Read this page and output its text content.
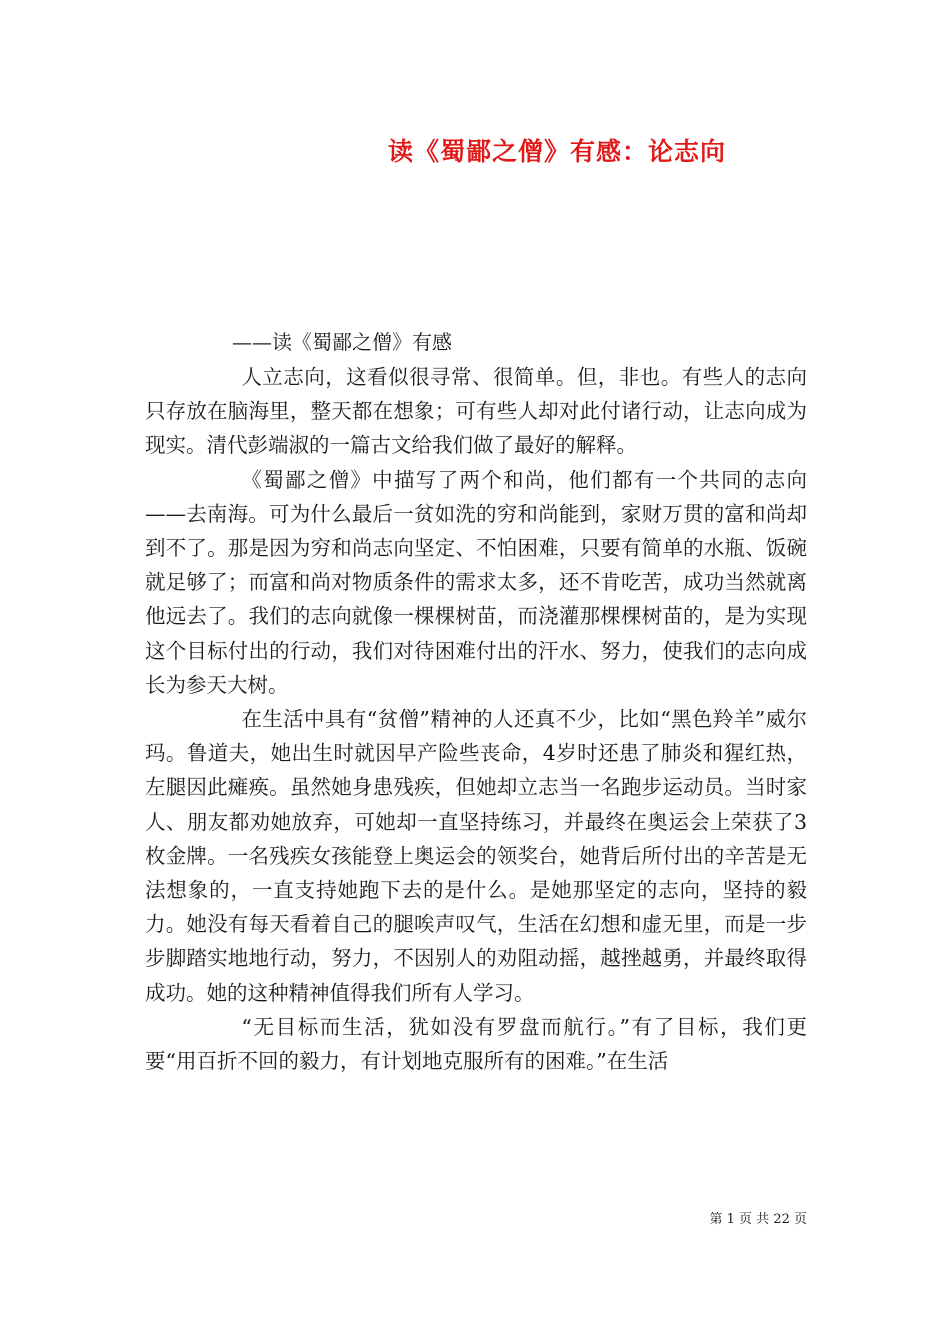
读《蜀鄙之僧》有感：论志向
——读《蜀鄙之僧》有感

人立志向，这看似很寻常、很简单。但，非也。有些人的志向只存放在脑海里，整天都在想象；可有些人却对此付诸行动，让志向成为现实。清代彭端淑的一篇古文给我们做了最好的解释。

《蜀鄙之僧》中描写了两个和尚，他们都有一个共同的志向——去南海。可为什么最后一贫如洗的穷和尚能到，家财万贯的富和尚却到不了。那是因为穷和尚志向坚定、不怕困难，只要有简单的水瓶、饭碗就足够了；而富和尚对物质条件的需求太多，还不肯吃苦，成功当然就离他远去了。我们的志向就像一棵棵树苗，而浇灌那棵棵树苗的，是为实现这个目标付出的行动，我们对待困难付出的汗水、努力，使我们的志向成长为参天大树。

在生活中具有“贫僧”精神的人还真不少，比如“黑色羚羊”威尔玛。鲁道夫，她出生时就因早产险些丧命，4岁时还患了肺炎和猩红热，左腿因此瘫痪。虽然她身患残疾，但她却立志当一名跑步运动员。当时家人、朋友都劝她放弃，可她却一直坚持练习，并最终在奥运会上荣获了3枚金牌。一名残疾女孩能登上奥运会的领奖台，她背后所付出的辛苦是无法想象的，一直支持她跑下去的是什么。是她那坚定的志向，坚持的毅力。她没有每天看着自己的腿唉声叹气，生活在幻想和虚无里，而是一步步脚踏实地地行动，努力，不因别人的劝阻动摇，越挫越勇，并最终取得成功。她的这种精神值得我们所有人学习。

“无目标而生活，犹如没有罗盘而航行。”有了目标，我们更要“用百折不回的毅力，有计划地克服所有的困难。”在生活

第 1 页 共 22 页
